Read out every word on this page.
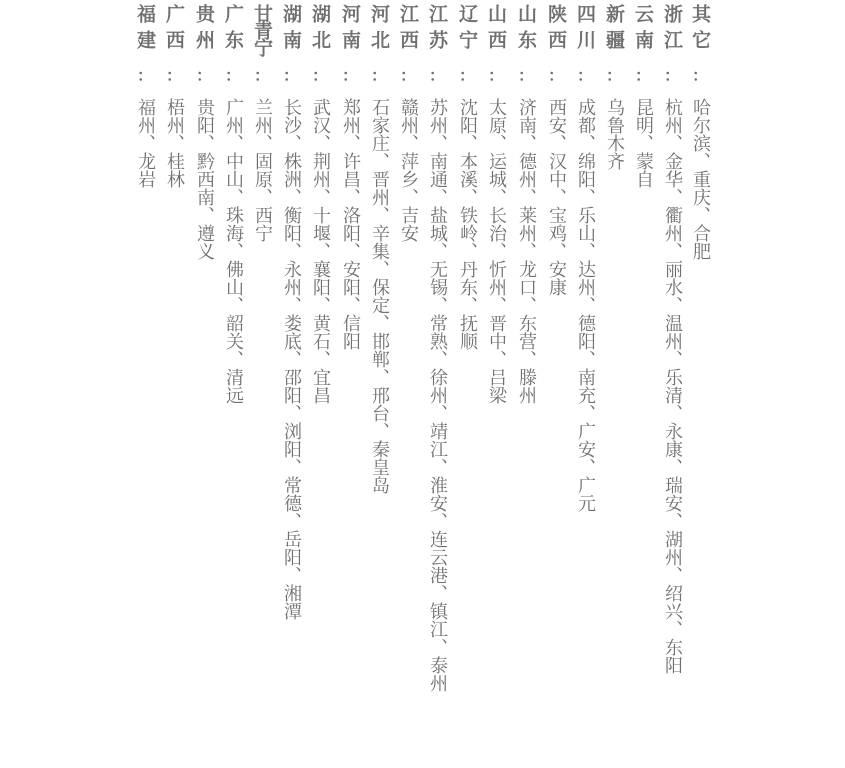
其它
：
哈尔滨、重庆、合肥
浙江
：
杭州、金华、衢州、丽水、温州、乐清、永康、瑞安、湖州、绍兴、东阳
云南
：
昆明、蒙自
新疆
：
乌鲁木齐
四川
：
成都、绵阳、乐山、达州、德阳、南充、广安、广元
陕西
：
西安、汉中、宝鸡、安康
山东
：
济南、德州、莱州、龙口、东营、滕州
山西
：
太原、运城、长治、忻州、晋中、吕梁
辽宁
：
沈阳、本溪、铁岭、丹东、抚顺
江苏
：
苏州、南通、盐城、无锡、常熟、徐州、靖江、淮安、连云港、镇江、泰州
江西
：
赣州、萍乡、吉安
河北
：
石家庄、晋州、辛集、保定、邯郸、邢台、秦皇岛
河南
：
郑州、许昌、洛阳、安阳、信阳
湖北
：
武汉、荆州、十堰、襄阳、黄石、宜昌
湖南
：
长沙、株洲、衡阳、永州、娄底、邵阳、浏阳、常德、岳阳、湘潭
甘青宁
：
兰州、固原、西宁
广东
：
广州、中山、珠海、佛山、韶关、清远
贵州
：
贵阳、黔西南、遵义
广西
：
梧州、桂林
福建
：
福州、龙岩
